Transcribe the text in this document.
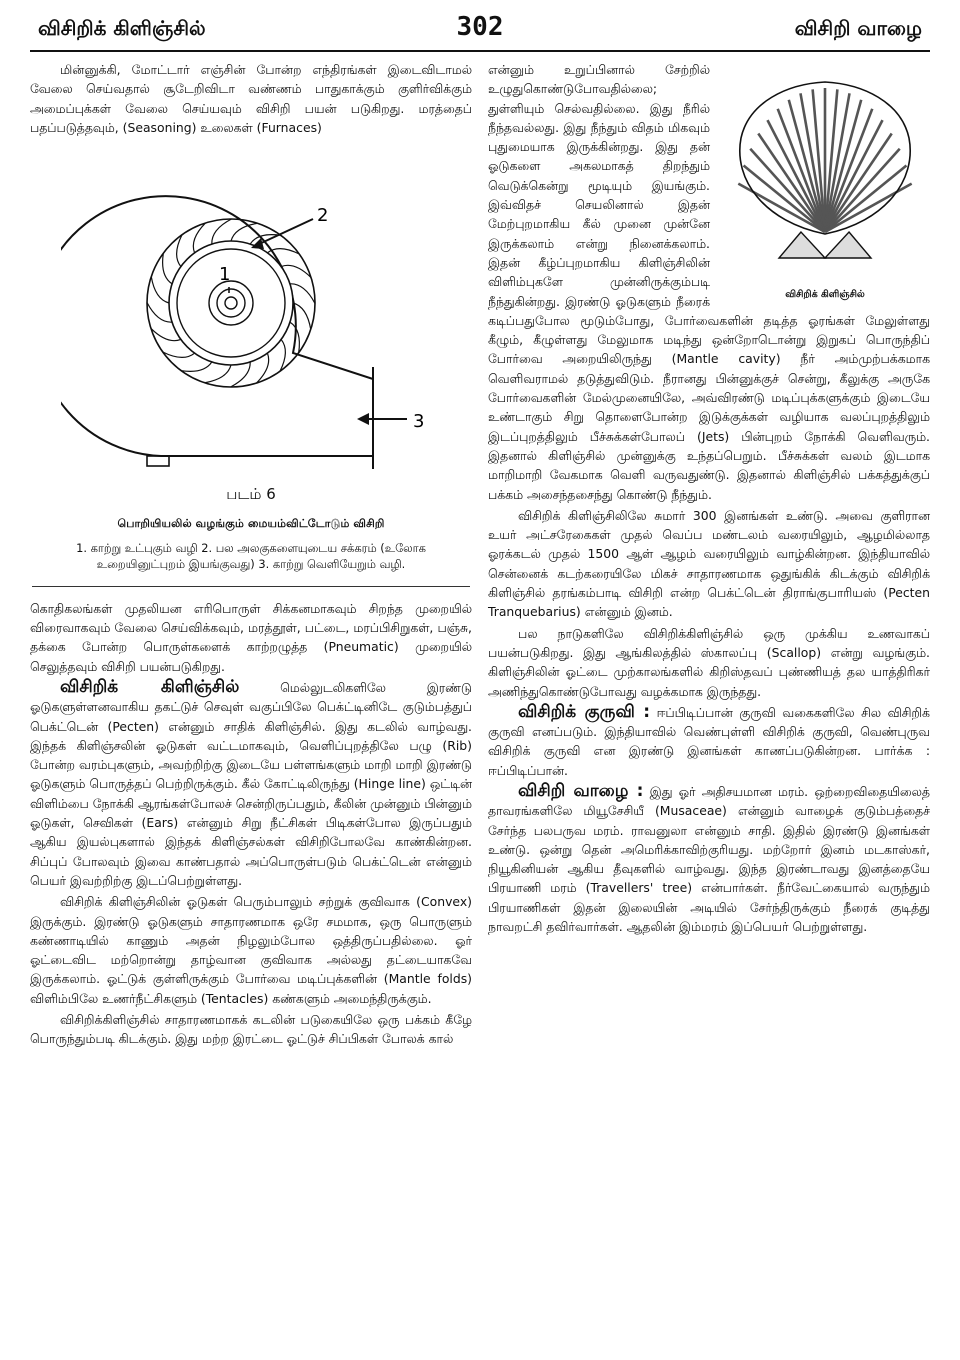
விசிறிக் கிளிஞ்சில்	302	விசிறி வாழை

மின்னுக்கி, மோட்டார் எஞ்சின் போன்ற எந்திரங்கள் இடைவிடாமல் வேலை செய்வதால் சூடேறிவிடா வண்ணம் பாதுகாக்கும் குளிர்விக்கும் அமைப்புக்கள் வேலை செய்யவும் விசிறி பயன் படுகிறது. மரத்தைப் பதப்படுத்தவும், (Seasoning) உலைகள் (Furnaces)

1
2
3
படம் 6
பொறியியலில் வழங்கும் மையம்விட்டோடும் விசிறி
1. காற்று உட்புகும் வழி 2. பல அலகுகளையுடைய சக்கரம் (உலோக உறையினுட்புறம் இயங்குவது) 3. காற்று வெளியேறும் வழி.

கொதிகலங்கள் முதலியன எரிபொருள் சிக்கனமாகவும் சிறந்த முறையில் விரைவாகவும் வேலை செய்விக்கவும், மரத்தூள், பட்டை, மரப்பிசிறுகள், பஞ்சு, தக்கை போன்ற பொருள்களைக் காற்றழுத்த (Pneumatic) முறையில் செலுத்தவும் விசிறி பயன்படுகிறது.

விசிறிக் கிளிஞ்சில்	மெல்லுடலிகளிலே இரண்டு ஓடுகளுள்ளனவாகிய தகட்டுச் செவுள் வகுப்பிலே பெக்ட்டினிடே குடும்பத்துப் பெக்ட்டென் (Pecten) என்னும் சாதிக் கிளிஞ்சில். இது கடலில் வாழ்வது. இந்தக் கிளிஞ்சலின் ஓடுகள் வட்டமாகவும், வெளிப்புறத்திலே பழு (Rib) போன்ற வரம்புகளும், அவற்றிற்கு இடையே பள்ளங்களும் மாறி மாறி இரண்டு ஓடுகளும் பொருத்தப் பெற்றிருக்கும். கீல் கோட்டிலிருந்து (Hinge line) ஒட்டின் விளிம்பை நோக்கி ஆரங்கள்போலச் சென்றிருப்பதும், கீலின் முன்னும் பின்னும் ஓடுகள், செவிகள் (Ears) என்னும் சிறு நீட்சிகள் பிடிகள்போல இருப்பதும் ஆகிய இயல்புகளால் இந்தக் கிளிஞ்சல்கள் விசிறிபோலவே காண்கின்றன. சிப்புப் போலவும் இவை காண்பதால் அப்பொருள்படும் பெக்ட்டென் என்னும் பெயர் இவற்றிற்கு இடப்பெற்றுள்ளது.

விசிறிக் கிளிஞ்சிலின் ஓடுகள் பெரும்பாலும் சற்றுக் குவிவாக (Convex) இருக்கும். இரண்டு ஓடுகளும் சாதாரணமாக ஒரே சமமாக, ஒரு பொருளும் கண்ணாடியில் காணும் அதன் நிழலும்போல ஒத்திருப்பதில்லை. ஓர் ஓட்டைவிட மற்றொன்று தாழ்வான குவிவாக அல்லது தட்டையாகவே இருக்கலாம். ஓட்டுக் குள்ளிருக்கும் போர்வை மடிப்புக்களின் (Mantle folds) விளிம்பிலே உணர்நீட்சிகளும் (Tentacles) கண்களும் அமைந்திருக்கும்.

விசிறிக்கிளிஞ்சில் சாதாரணமாகக் கடலின் படுகையிலே ஒரு பக்கம் கீழே பொருந்தும்படி கிடக்கும். இது மற்ற இரட்டை ஓட்டுச் சிப்பிகள் போலக் கால்

விசிறிக் கிளிஞ்சில்

என்னும் உறுப்பினால் சேற்றில் உழுதுகொண்டுபோவதில்லை; துள்ளியும் செல்வதில்லை. இது நீரில் நீந்தவல்லது. இது நீந்தும் விதம் மிகவும் புதுமையாக இருக்கின்றது. இது தன் ஓடுகளை அகலமாகத் திறந்தும் வெடுக்கென்று மூடியும் இயங்கும். இவ்விதச் செயலினால் இதன் மேற்புறமாகிய கீல் முனை முன்னே இருக்கலாம் என்று நினைக்கலாம். இதன் கீழ்ப்புறமாகிய கிளிஞ்சிலின் விளிம்புகளே முன்னிருக்கும்படி நீந்துகின்றது. இரண்டு ஓடுகளும் நீரைக் கடிப்பதுபோல மூடும்போது, போர்வைகளின் தடித்த ஓரங்கள் மேலுள்ளது கீழும், கீழுள்ளது மேலுமாக மடிந்து ஒன்றோடொன்று இறுகப் பொருந்திப் போர்வை அறையிலிருந்து (Mantle cavity) நீர் அம்முற்பக்கமாக வெளிவராமல் தடுத்துவிடும். நீரானது பின்னுக்குச் சென்று, கீலுக்கு அருகே போர்வைகளின் மேல்முனையிலே, அவ்விரண்டு மடிப்புக்களுக்கும் இடையே உண்டாகும் சிறு தொளைபோன்ற இடுக்குக்கள் வழியாக வலப்புறத்திலும் இடப்புறத்திலும் பீச்சுக்கள்போலப் (Jets) பின்புறம் நோக்கி வெளிவரும். இதனால் கிளிஞ்சில் முன்னுக்கு உந்தப்பெறும். பீச்சுக்கள் வலம் இடமாக மாறிமாறி வேகமாக வெளி வருவதுண்டு. இதனால் கிளிஞ்சில் பக்கத்துக்குப் பக்கம் அசைந்தசைந்து கொண்டு நீந்தும்.

விசிறிக் கிளிஞ்சிலிலே சுமார் 300 இனங்கள் உண்டு. அவை குளிரான உயர் அட்சரேகைகள் முதல் வெப்ப மண்டலம் வரையிலும், ஆழமில்லாத ஓரக்கடல் முதல் 1500 ஆள் ஆழம் வரையிலும் வாழ்கின்றன. இந்தியாவில் சென்னைக் கடற்கரையிலே மிகச் சாதாரணமாக ஒதுங்கிக் கிடக்கும் விசிறிக் கிளிஞ்சில் தரங்கம்பாடி விசிறி என்ற பெக்ட்டென் திராங்குபாரியஸ் (Pecten Tranquebarius) என்னும் இனம்.

பல நாடுகளிலே விசிறிக்கிளிஞ்சில் ஒரு முக்கிய உணவாகப் பயன்படுகிறது. இது ஆங்கிலத்தில் ஸ்காலப்பு (Scallop) என்று வழங்கும். கிளிஞ்சிலின் ஓட்டை முற்காலங்களில் கிறிஸ்தவப் புண்ணியத் தல யாத்திரிகர் அணிந்துகொண்டுபோவது வழக்கமாக இருந்தது.

விசிறிக் குருவி : ஈப்பிடிப்பான் குருவி வகைகளிலே சில விசிறிக் குருவி எனப்படும். இந்தியாவில் வெண்புள்ளி விசிறிக் குருவி, வெண்புருவ விசிறிக் குருவி என இரண்டு இனங்கள் காணப்படுகின்றன. பார்க்க : ஈப்பிடிப்பான்.

விசிறி வாழை : இது ஓர் அதிசயமான மரம். ஒற்றைவிதையிலைத் தாவரங்களிலே மியூசேசியீ (Musaceae) என்னும் வாழைக் குடும்பத்தைச் சேர்ந்த பலபருவ மரம். ராவனுலா என்னும் சாதி. இதில் இரண்டு இனங்கள் உண்டு. ஒன்று தென் அமெரிக்காவிற்குரியது. மற்றோர் இனம் மடகாஸ்கர், நியூகினியன் ஆகிய தீவுகளில் வாழ்வது. இந்த இரண்டாவது இனத்தையே பிரயாணி மரம் (Travellers' tree) என்பார்கள். நீர்வேட்கையால் வருந்தும் பிரயாணிகள் இதன் இலையின் அடியில் சேர்ந்திருக்கும் நீரைக் குடித்து நாவறட்சி தவிர்வார்கள். ஆதலின் இம்மரம் இப்பெயர் பெற்றுள்ளது.
